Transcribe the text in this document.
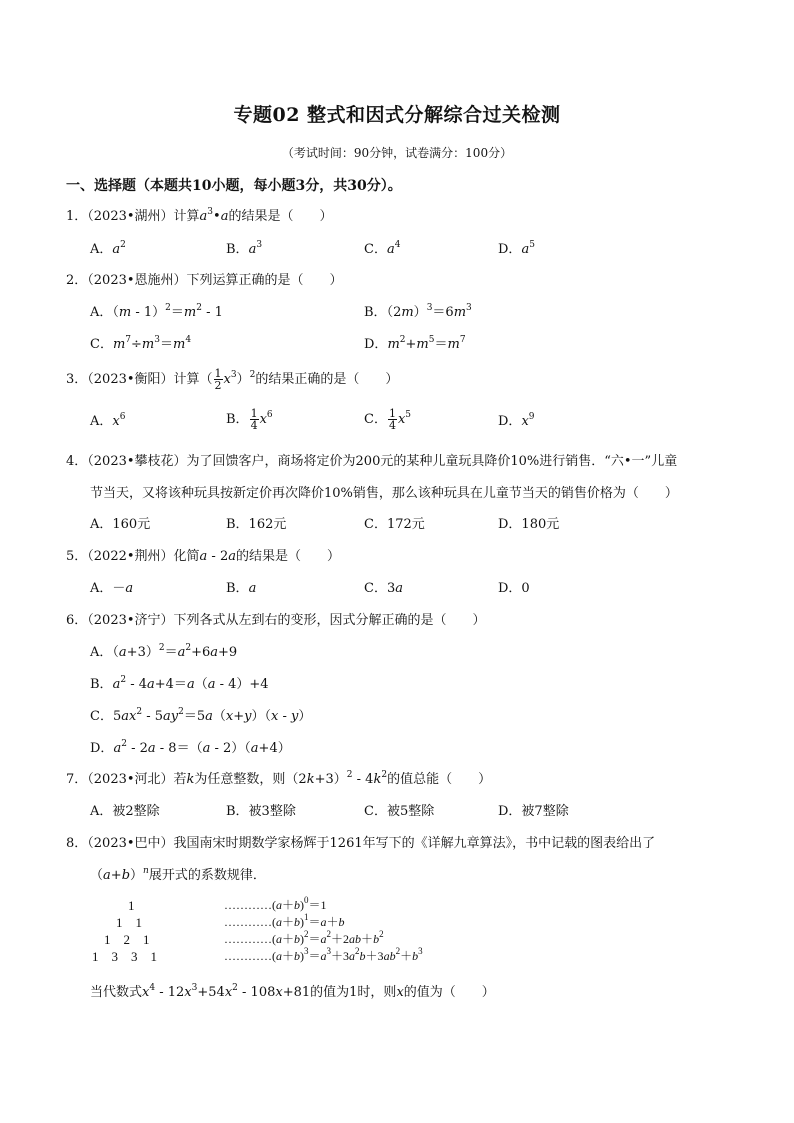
专题02 整式和因式分解综合过关检测
（考试时间：90分钟，试卷满分：100分）
一、选择题（本题共10小题，每小题3分，共30分）。
1．（2023•湖州）计算$a^3•a$的结果是（　　）
A．$a^2$	B．$a^3$	C．$a^4$	D．$a^5$
2．（2023•恩施州）下列运算正确的是（　　）
A．$(m - 1)^2=m^2 - 1$	B．$(2m)^3=6m^3$
C．$m^7\div m^3=m^4$	D．$m^2+m^5=m^7$
3．（2023•衡阳）计算（ $\frac{1}{2} x^3)^2$的结果正确的是（　　）
A．$x^6$	B． $\frac{1}{4} x^6$	C． $\frac{1}{4} x^5$	D．$x^9$
4．（2023•攀枝花）为了回馈客户，商场将定价为200元的某种儿童玩具降价10%进行销售．“六•一”儿童
节当天，又将该种玩具按新定价再次降价10%销售，那么该种玩具在儿童节当天的销售价格为（　　）
A．160元	B．162元	C．172元	D．180元
5．（2022•荆州）化简a - 2a的结果是（　　）
A．－a	B．a	C．3a	D．0
6．（2023•济宁）下列各式从左到右的变形，因式分解正确的是（　　）
A．$(a+3)^2=a^2+6a+9$
B．$a^2 - 4a+4=a(a - 4)+4$
C．$5ax^2 - 5ay^2=5a(x+y)(x - y)$
D．$a^2 - 2a - 8=(a - 2)(a+4)$
7．（2023•河北）若k为任意整数，则$(2k+3)^2 - 4k^2$的值总能（　　）
A．被2整除	B．被3整除	C．被5整除	D．被7整除
8．（2023•巴中）我国南宋时期数学家杨辉于1261年写下的《详解九章算法》，书中记载的图表给出了
$(a+b)^n$展开式的系数规律．
1
1　1
1　2　1
1　3　3　1
$\dots\dots\dots\dots(a+b)^0=1$
$\dots\dots\dots\dots(a+b)^1=a+b$
$\dots\dots\dots\dots(a+b)^2=a^2+2ab+b^2$
$\dots\dots\dots\dots(a+b)^3=a^3+3a^2b+3ab^2+b^3$
当代数式$x^4 - 12x^3+54x^2 - 108x+81$的值为1时，则x的值为（　　）
